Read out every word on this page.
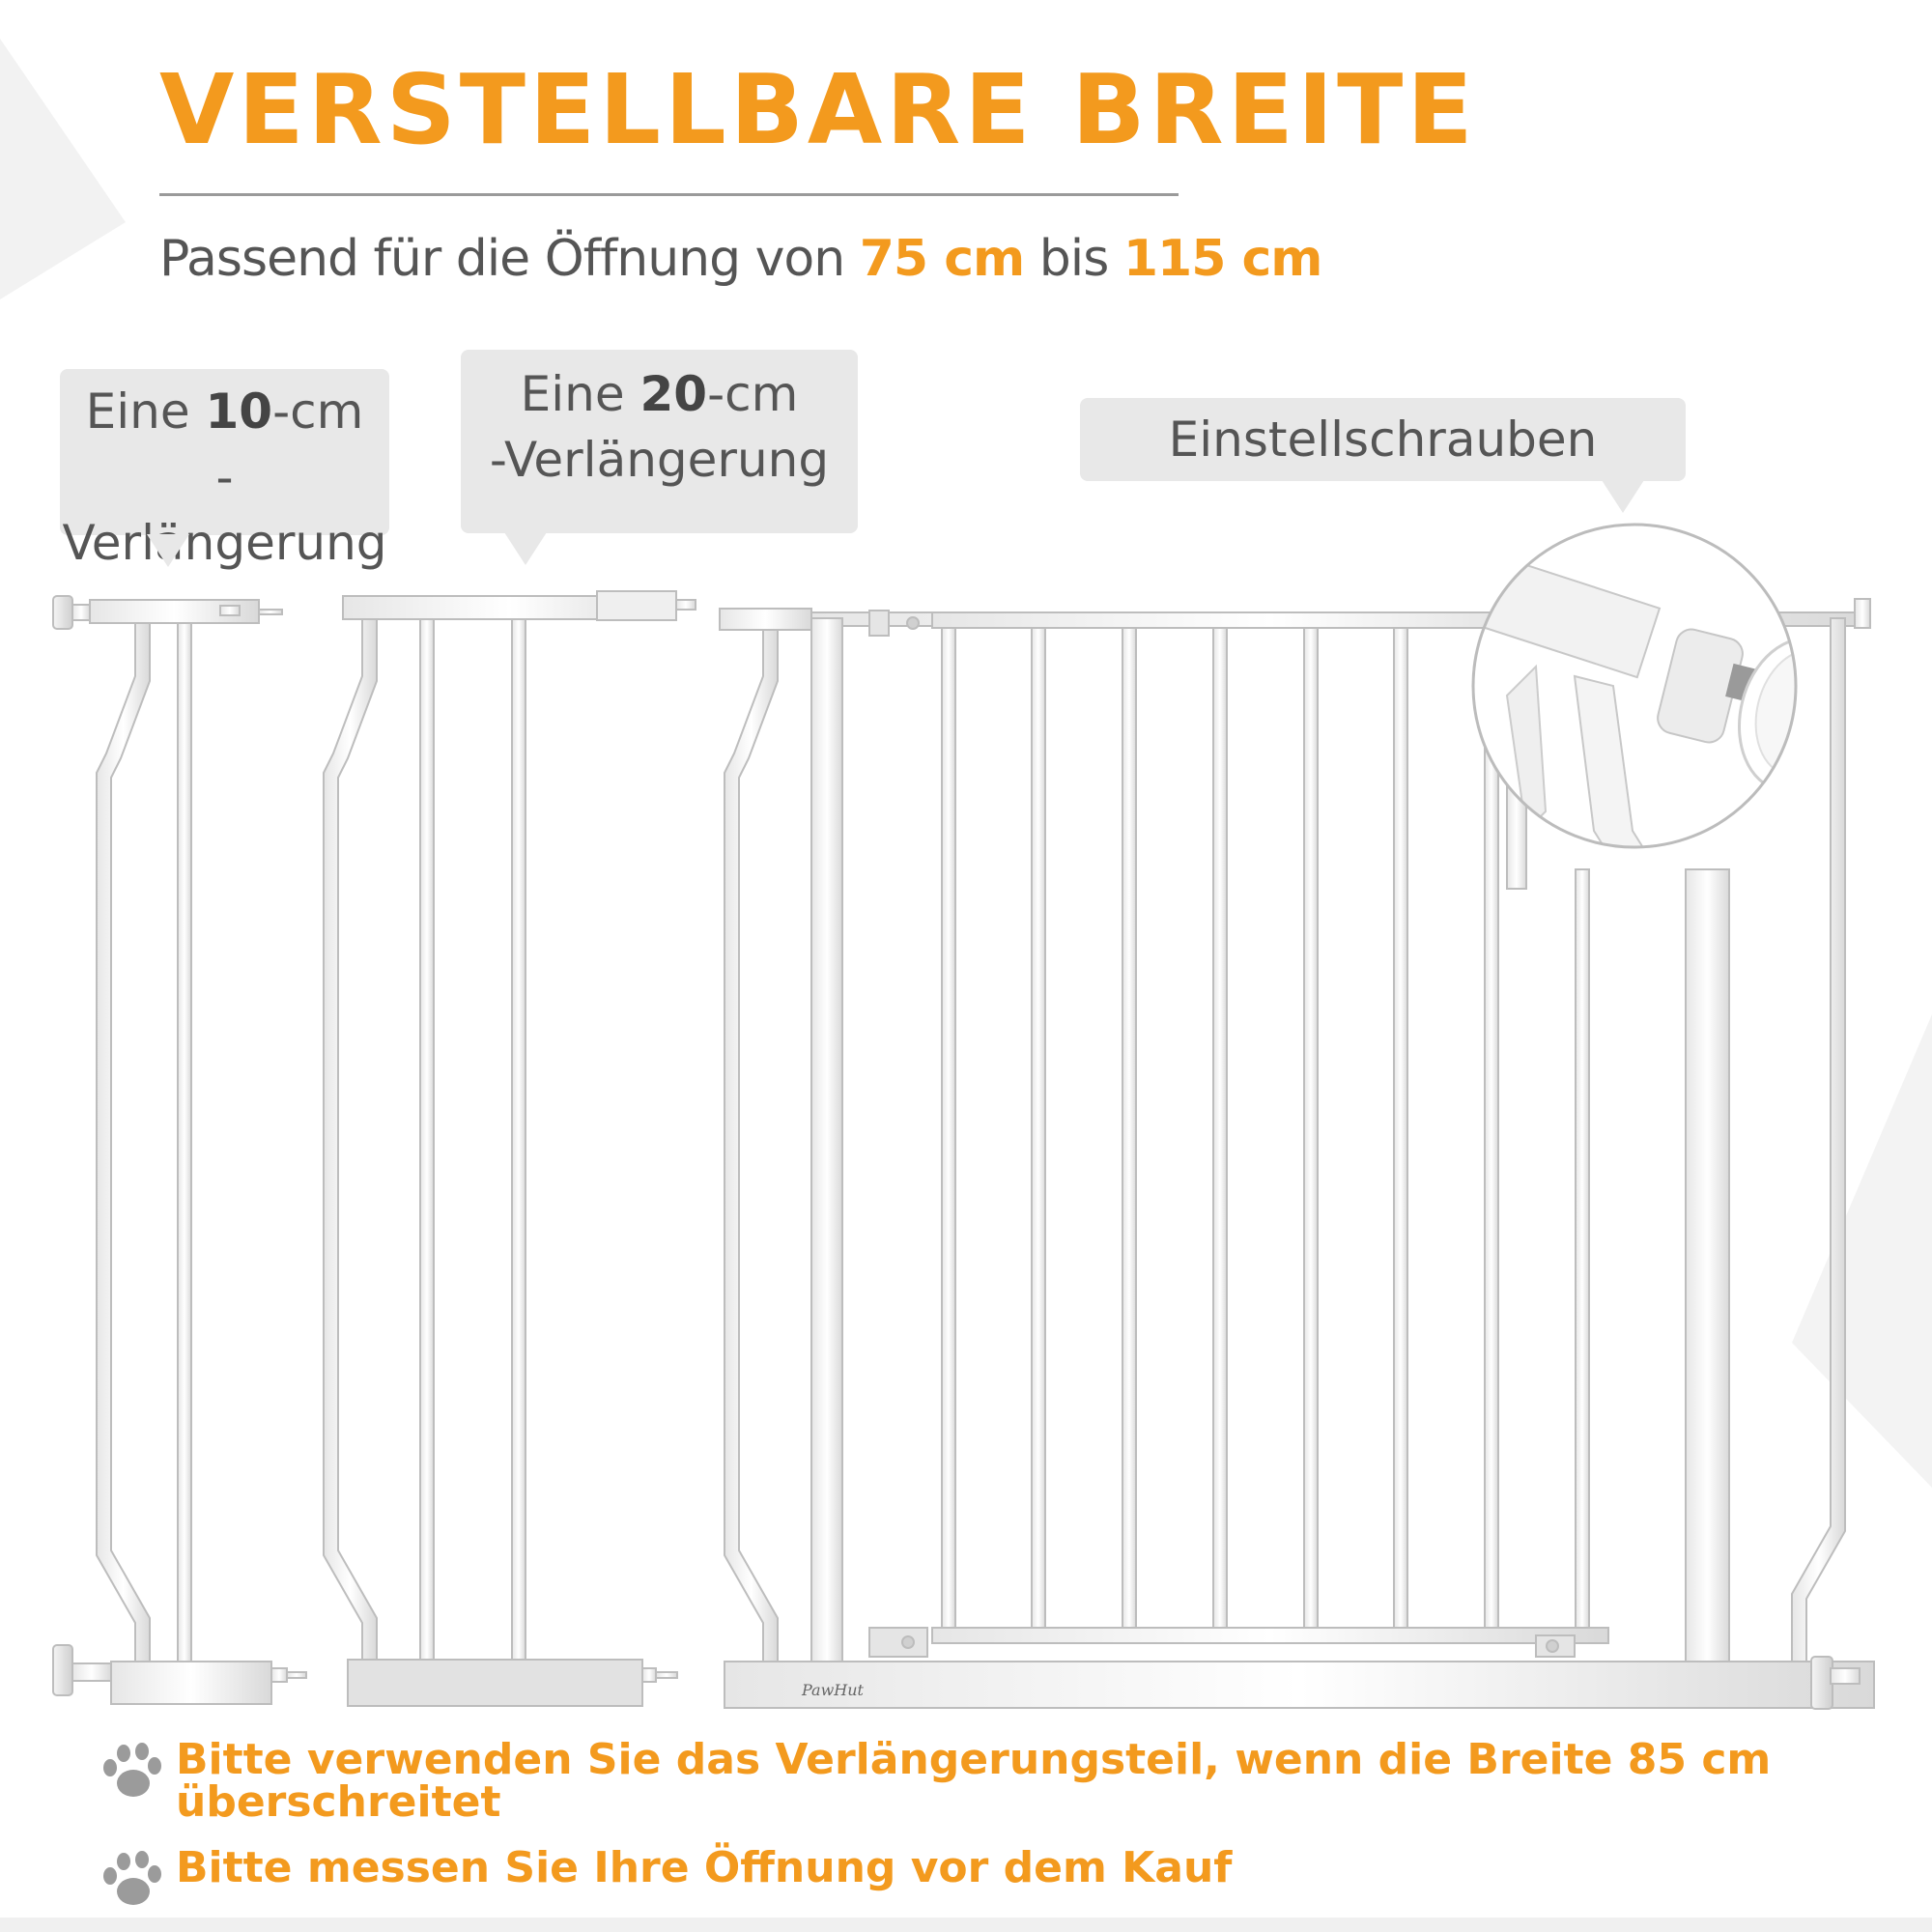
VERSTELLBARE BREITE
Passend für die Öffnung von 75 cm bis 115 cm
Eine 10-cm
-Verlängerung
Eine 20-cm
-Verlängerung	Einstellschrauben
PawHut
Bitte verwenden Sie das Verlängerungsteil, wenn die Breite 85 cm überschreitet
Bitte messen Sie Ihre Öffnung vor dem Kauf
